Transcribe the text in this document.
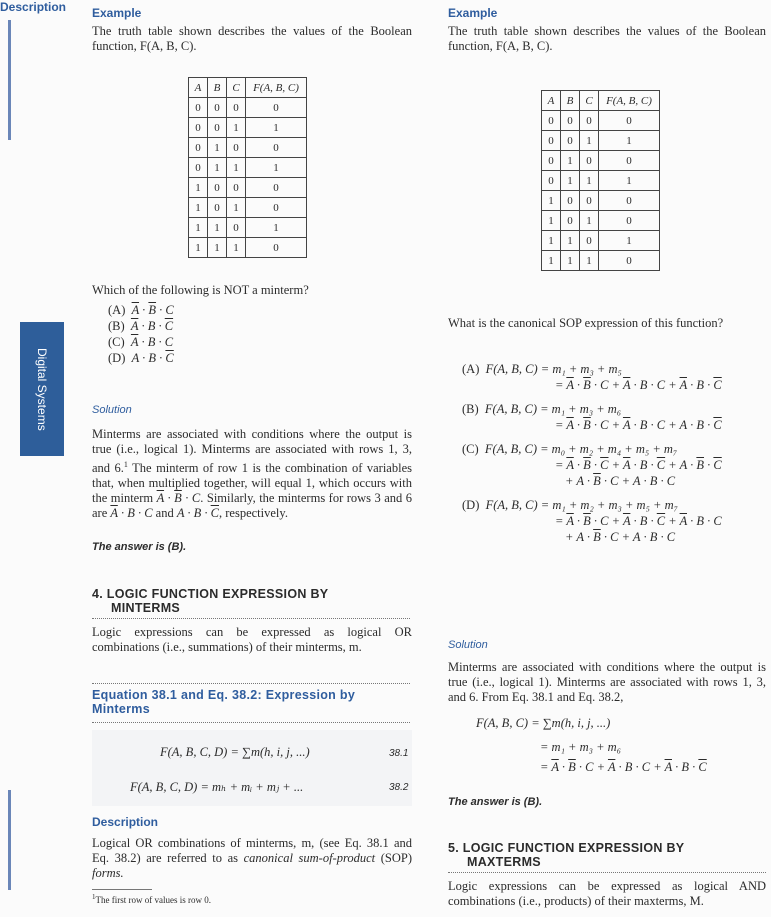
Digital Systems
Example
The truth table shown describes the values of the Boolean function, F(A, B, C).
A	B	C	F(A, B, C)
0	0	0	0
0	0	1	1
0	1	0	0
0	1	1	1
1	0	0	0
1	0	1	0
1	1	0	1
1	1	1	0
Which of the following is NOT a minterm?
(A) $\overline{A} \cdot \overline{B} \cdot C$
(B) $\overline{A} \cdot B \cdot \overline{C}$
(C) $\overline{A} \cdot B \cdot C$
(D) $A \cdot B \cdot \overline{C}$
Solution
Minterms are associated with conditions where the output is true (i.e., logical 1). Minterms are associated with rows 1, 3, and 6.$^1$ The minterm of row 1 is the combination of variables that, when multiplied together, will equal 1, which occurs with the minterm $\overline{A} \cdot \overline{B} \cdot C$. Similarly, the minterms for rows 3 and 6 are $\overline{A} \cdot B \cdot C$ and $A \cdot B \cdot \overline{C}$, respectively.
The answer is (B).
4. LOGIC FUNCTION EXPRESSION BY
MINTERMS
Logic expressions can be expressed as logical OR combinations (i.e., summations) of their minterms, m.
Equation 38.1 and Eq. 38.2: Expression by
Minterms
F(A, B, C, D) = ∑m(h, i, j, ...)	38.1
F(A, B, C, D) = mₕ + mᵢ + mⱼ + ...	38.2
Description
Description
Logical OR combinations of minterms, m, (see Eq. 38.1 and Eq. 38.2) are referred to as canonical sum-of-product (SOP) forms.
$^1$The first row of values is row 0.
Example
The truth table shown describes the values of the Boolean function, F(A, B, C).
A	B	C	F(A, B, C)
0	0	0	0
0	0	1	1
0	1	0	0
0	1	1	1
1	0	0	0
1	0	1	0
1	1	0	1
1	1	1	0
What is the canonical SOP expression of this function?
(A) F(A, B, C) = m₁ + m₃ + m₅
= $\overline{A} \cdot \overline{B} \cdot C + \overline{A} \cdot B \cdot C + \overline{A} \cdot B \cdot \overline{C}$
(B) F(A, B, C) = m₁ + m₃ + m₆
= $\overline{A} \cdot \overline{B} \cdot C + \overline{A} \cdot B \cdot C + A \cdot B \cdot \overline{C}$
(C) F(A, B, C) = m₀ + m₂ + m₄ + m₅ + m₇
= $\overline{A} \cdot \overline{B} \cdot \overline{C} + \overline{A} \cdot B \cdot \overline{C} + A \cdot \overline{B} \cdot \overline{C}$
+ $A \cdot \overline{B} \cdot C + A \cdot B \cdot C$
(D) F(A, B, C) = m₁ + m₂ + m₃ + m₅ + m₇
= $\overline{A} \cdot \overline{B} \cdot C + \overline{A} \cdot B \cdot \overline{C} + \overline{A} \cdot B \cdot C$
+ $A \cdot \overline{B} \cdot C + A \cdot B \cdot C$
Solution
Minterms are associated with conditions where the output is true (i.e., logical 1). Minterms are associated with rows 1, 3, and 6. From Eq. 38.1 and Eq. 38.2,
F(A, B, C) = ∑m(h, i, j, ...)
= m₁ + m₃ + m₆
= $\overline{A} \cdot \overline{B} \cdot C + \overline{A} \cdot B \cdot C + \overline{A} \cdot B \cdot \overline{C}$
The answer is (B).
5. LOGIC FUNCTION EXPRESSION BY
MAXTERMS
Logic expressions can be expressed as logical AND combinations (i.e., products) of their maxterms, M.
